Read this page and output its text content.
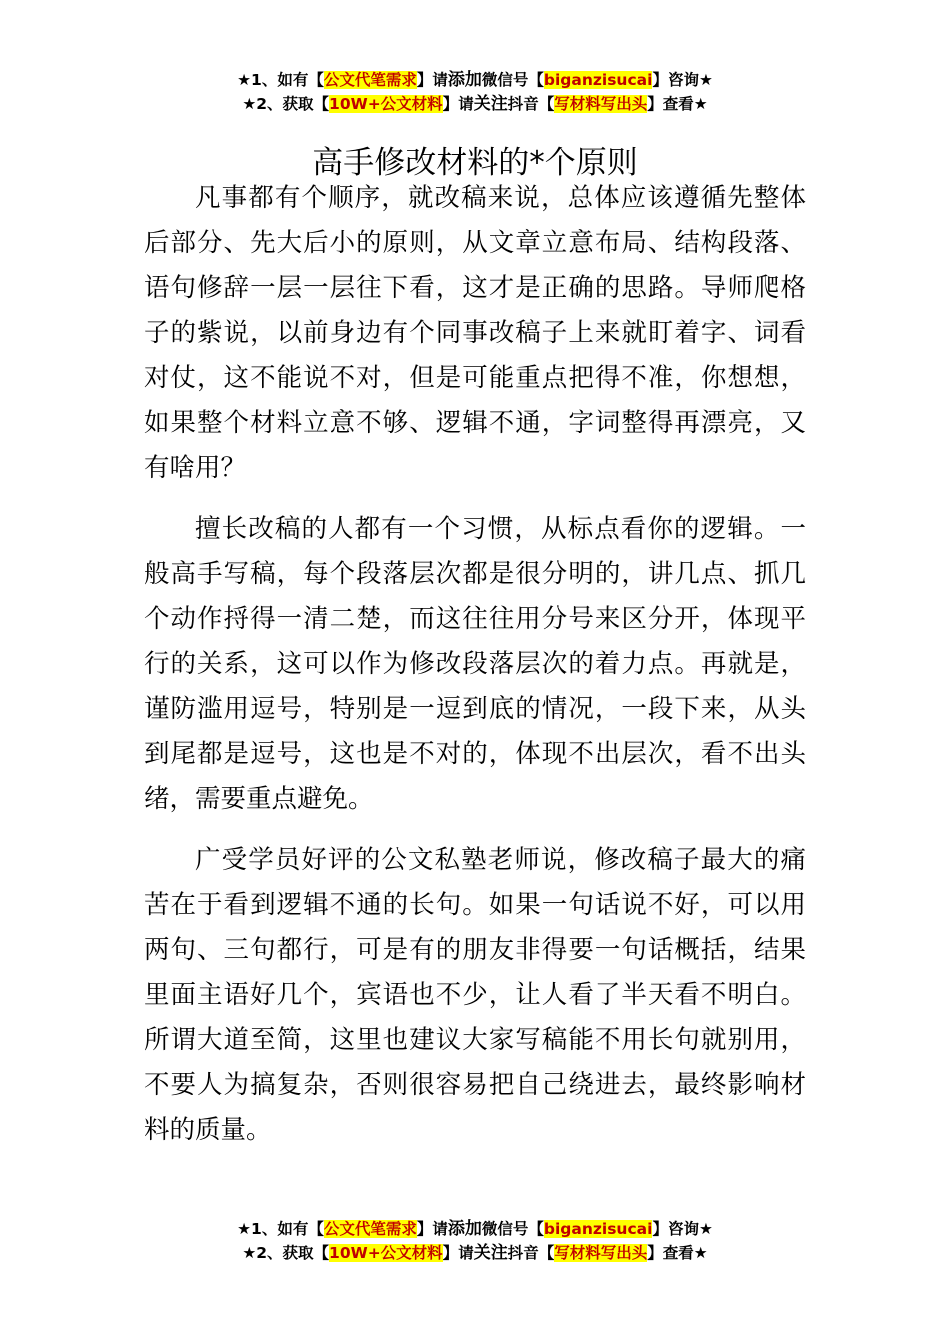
★1、如有【公文代笔需求】请添加微信号【biganzisucai】咨询★
★2、获取【10W+公文材料】请关注抖音【写材料写出头】查看★
高手修改材料的*个原则

凡事都有个顺序，就改稿来说，总体应该遵循先整体后部分、先大后小的原则，从文章立意布局、结构段落、语句修辞一层一层往下看，这才是正确的思路。导师爬格子的紫说，以前身边有个同事改稿子上来就盯着字、词看对仗，这不能说不对，但是可能重点把得不准，你想想，如果整个材料立意不够、逻辑不通，字词整得再漂亮，又有啥用？

擅长改稿的人都有一个习惯，从标点看你的逻辑。一般高手写稿，每个段落层次都是很分明的，讲几点、抓几个动作捋得一清二楚，而这往往用分号来区分开，体现平行的关系，这可以作为修改段落层次的着力点。再就是，谨防滥用逗号，特别是一逗到底的情况，一段下来，从头到尾都是逗号，这也是不对的，体现不出层次，看不出头绪，需要重点避免。

广受学员好评的公文私塾老师说，修改稿子最大的痛苦在于看到逻辑不通的长句。如果一句话说不好，可以用两句、三句都行，可是有的朋友非得要一句话概括，结果里面主语好几个，宾语也不少，让人看了半天看不明白。所谓大道至简，这里也建议大家写稿能不用长句就别用，不要人为搞复杂，否则很容易把自己绕进去，最终影响材料的质量。

★1、如有【公文代笔需求】请添加微信号【biganzisucai】咨询★
★2、获取【10W+公文材料】请关注抖音【写材料写出头】查看★
